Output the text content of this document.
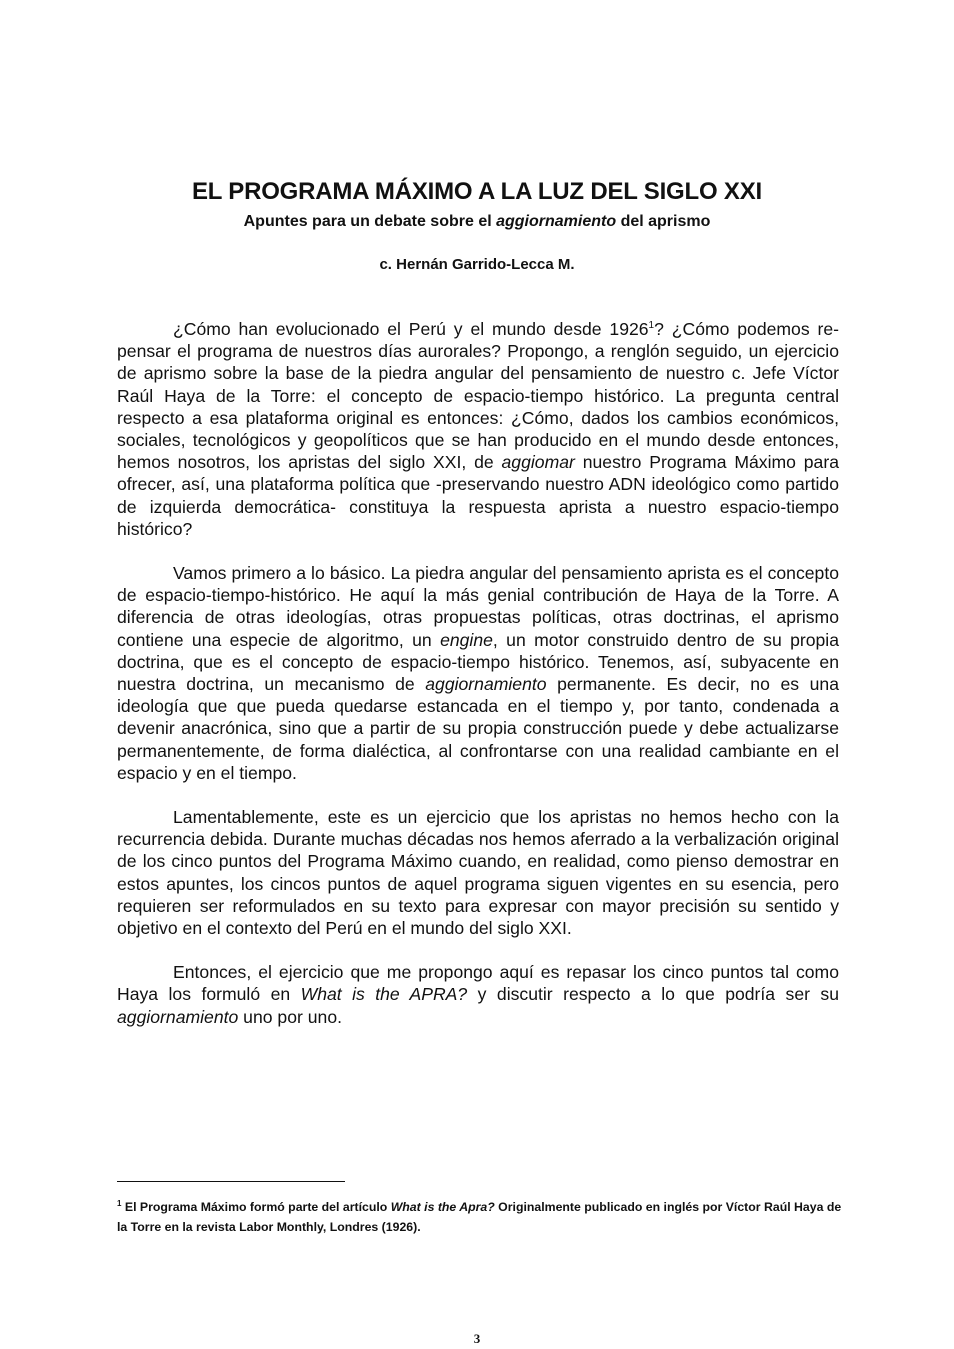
EL PROGRAMA MÁXIMO A LA LUZ DEL SIGLO XXI

Apuntes para un debate sobre el aggiornamiento del aprismo

c. Hernán Garrido-Lecca M.

¿Cómo han evolucionado el Perú y el mundo desde 1926$^1$? ¿Cómo podemos re-pensar el programa de nuestros días aurorales? Propongo, a renglón seguido, un ejercicio de aprismo sobre la base de la piedra angular del pensamiento de nuestro c. Jefe Víctor Raúl Haya de la Torre: el concepto de espacio-tiempo histórico. La pregunta central respecto a esa plataforma original es entonces: ¿Cómo, dados los cambios económicos, sociales, tecnológicos y geopolíticos que se han producido en el mundo desde entonces, hemos nosotros, los apristas del siglo XXI, de aggiomar nuestro Programa Máximo para ofrecer, así, una plataforma política que -preservando nuestro ADN ideológico como partido de izquierda democrática- constituya la respuesta aprista a nuestro espacio-tiempo histórico?

Vamos primero a lo básico. La piedra angular del pensamiento aprista es el concepto de espacio-tiempo-histórico. He aquí la más genial contribución de Haya de la Torre. A diferencia de otras ideologías, otras propuestas políticas, otras doctrinas, el aprismo contiene una especie de algoritmo, un engine, un motor construido dentro de su propia doctrina, que es el concepto de espacio-tiempo histórico. Tenemos, así, subyacente en nuestra doctrina, un mecanismo de aggiornamiento permanente. Es decir, no es una ideología que que pueda quedarse estancada en el tiempo y, por tanto, condenada a devenir anacrónica, sino que a partir de su propia construcción puede y debe actualizarse permanentemente, de forma dialéctica, al confrontarse con una realidad cambiante en el espacio y en el tiempo.

Lamentablemente, este es un ejercicio que los apristas no hemos hecho con la recurrencia debida. Durante muchas décadas nos hemos aferrado a la verbalización original de los cinco puntos del Programa Máximo cuando, en realidad, como pienso demostrar en estos apuntes, los cincos puntos de aquel programa siguen vigentes en su esencia, pero requieren ser reformulados en su texto para expresar con mayor precisión su sentido y objetivo en el contexto del Perú en el mundo del siglo XXI.

Entonces, el ejercicio que me propongo aquí es repasar los cinco puntos tal como Haya los formuló en What is the APRA? y discutir respecto a lo que podría ser su aggiornamiento uno por uno.

$^1$ El Programa Máximo formó parte del artículo What is the Apra? Originalmente publicado en inglés por Víctor Raúl Haya de la Torre en la revista Labor Monthly, Londres (1926).

3
